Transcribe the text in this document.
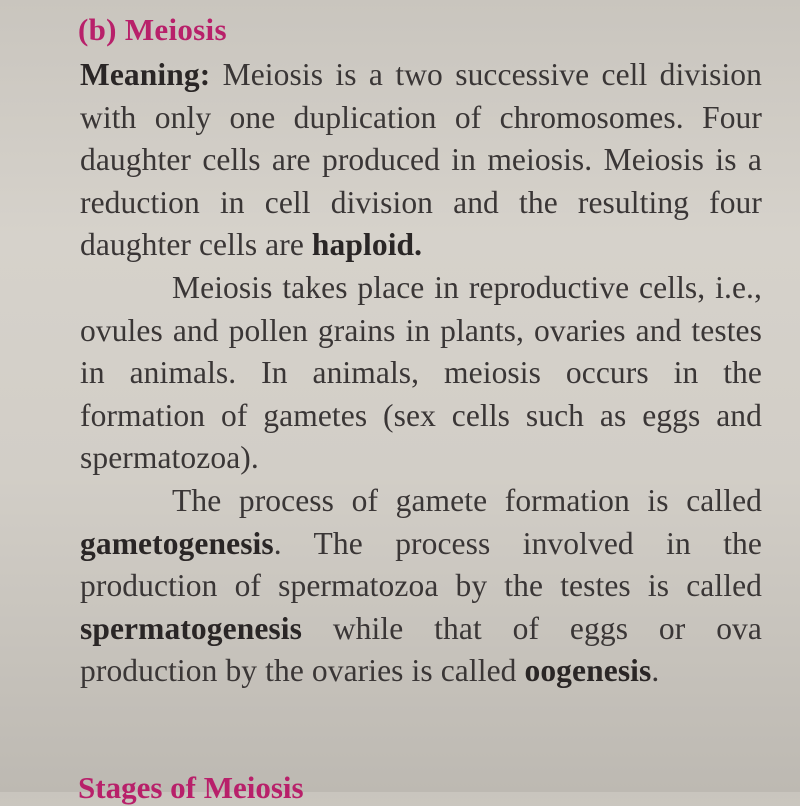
(b) Meiosis

Meaning: Meiosis is a two successive cell division with only one duplication of chromosomes. Four daughter cells are produced in meiosis. Meiosis is a reduction in cell division and the resulting four daughter cells are haploid.

Meiosis takes place in reproductive cells, i.e., ovules and pollen grains in plants, ovaries and testes in animals. In animals, meiosis occurs in the formation of gametes (sex cells such as eggs and spermatozoa).

The process of gamete formation is called gametogenesis. The process involved in the production of spermatozoa by the testes is called spermatogenesis while that of eggs or ova production by the ovaries is called oogenesis.

Stages of Meiosis
